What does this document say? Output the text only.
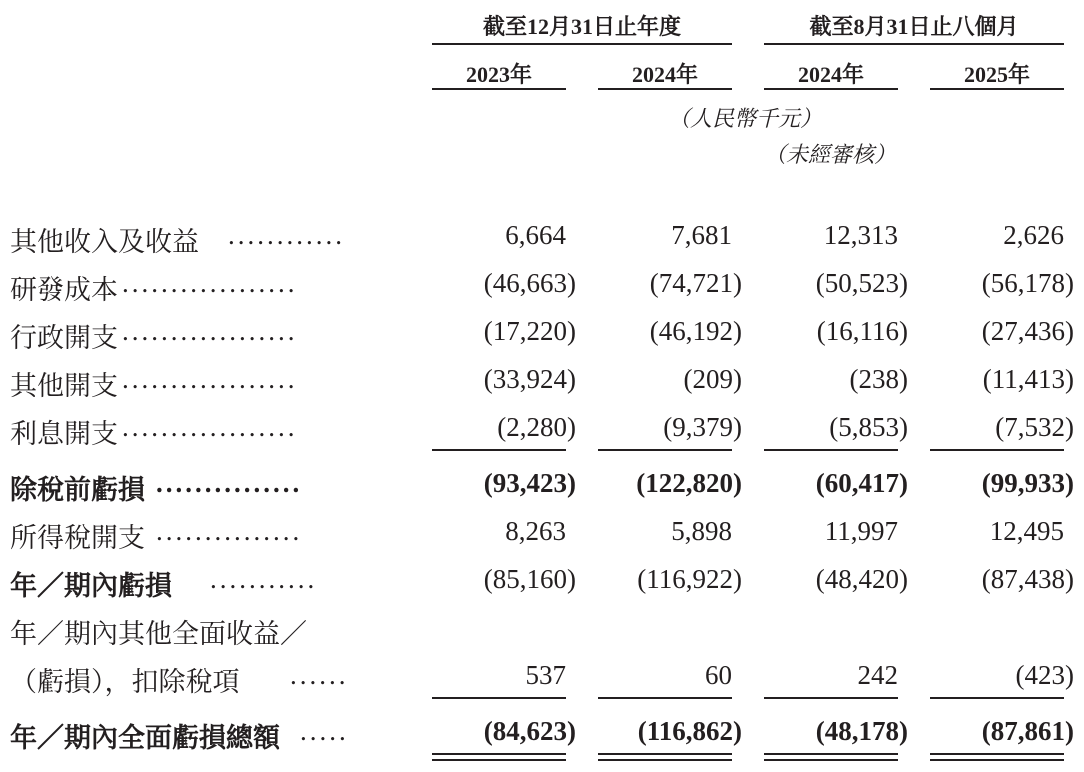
截至12月31日止年度	截至8月31日止八個月
2023年	2024年	2024年	2025年
（人民幣千元）
（未經審核）
其他收入及收益 ............	6,664	7,681	12,313	2,626
研發成本 ..................	(46,663)	(74,721)	(50,523)	(56,178)
行政開支 ..................	(17,220)	(46,192)	(16,116)	(27,436)
其他開支 ..................	(33,924)	(209)	(238)	(11,413)
利息開支 ..................	(2,280)	(9,379)	(5,853)	(7,532)
除稅前虧損 ...............	(93,423)	(122,820)	(60,417)	(99,933)
所得稅開支 ...............	8,263	5,898	11,997	12,495
年／期內虧損 ...........	(85,160)	(116,922)	(48,420)	(87,438)
年／期內其他全面收益／
（虧損），扣除稅項 ......	537	60	242	(423)
年／期內全面虧損總額 .....	(84,623)	(116,862)	(48,178)	(87,861)
